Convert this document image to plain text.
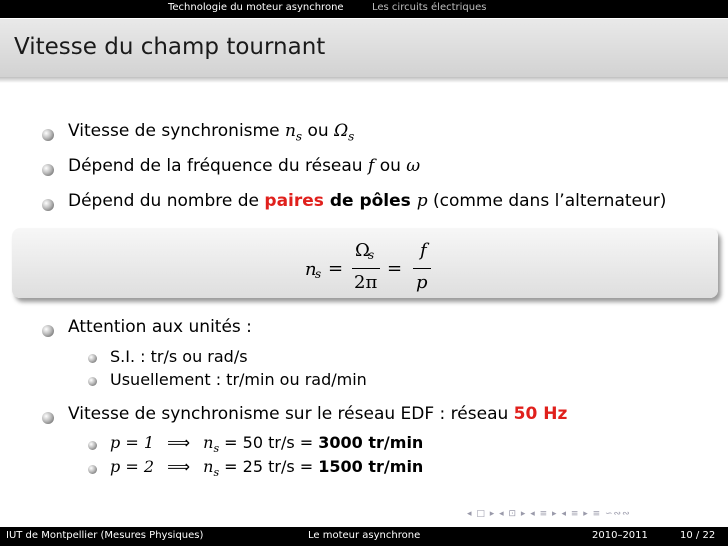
Technologie du moteur asynchrone	Les circuits électriques
Vitesse du champ tournant
Vitesse de synchronisme $n_s$ ou $\Omega_s$
Dépend de la fréquence du réseau f ou ω
Dépend du nombre de paires de pôles p (comme dans l’alternateur)
n
s =
Ω
s
2π
=
f
p
Attention aux unités :
S.I. : tr/s ou rad/s
Usuellement : tr/min ou rad/min
Vitesse de synchronisme sur le réseau EDF : réseau 50 Hz
p = 1 ⟹ $n_s = 50$ tr/s = 3000 tr/min
p = 2 ⟹ $n_s = 25$ tr/s = 1500 tr/min
◂ □ ▸ ◂ ⊡ ▸ ◂ ≡ ▸ ◂ ≡ ▸ ≡ ∽∾∾
IUT de Montpellier (Mesures Physiques)	Le moteur asynchrone	2010–2011	10 / 22
